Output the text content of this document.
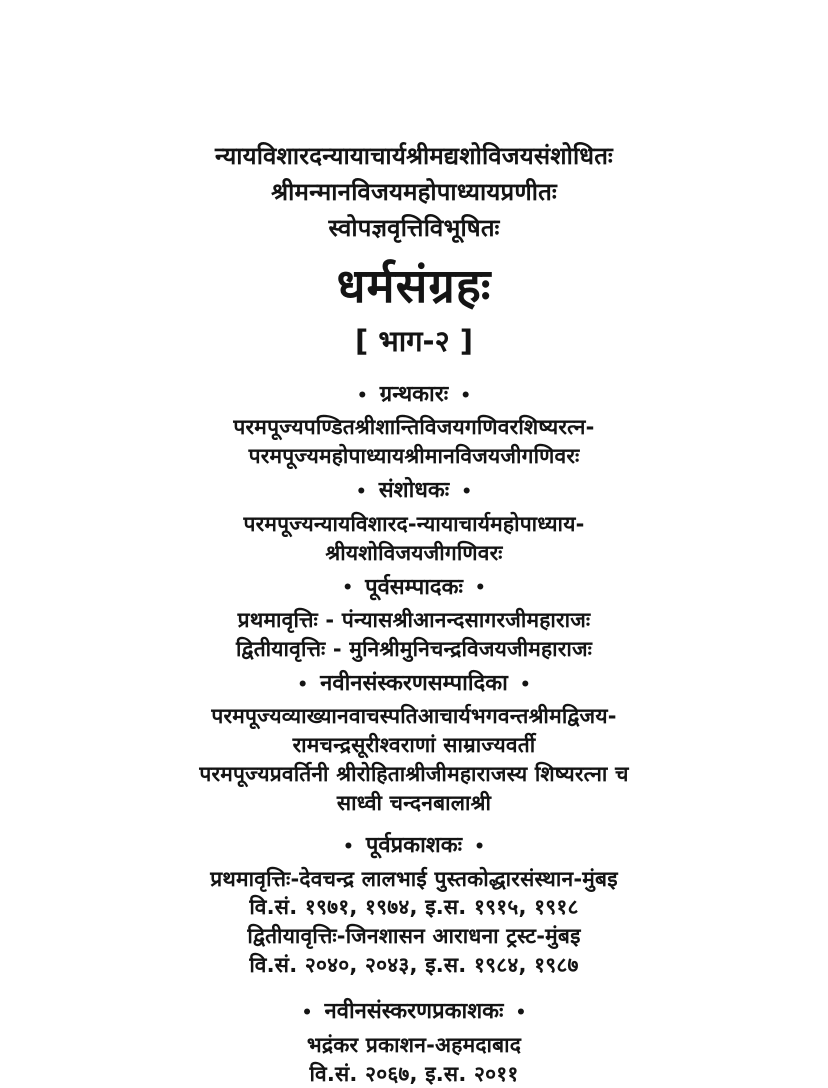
न्यायविशारदन्यायाचार्यश्रीमद्यशोविजयसंशोधितः
श्रीमन्मानविजयमहोपाध्यायप्रणीतः
स्वोपज्ञवृत्तिविभूषितः
धर्मसंग्रहः
[ भाग-२ ]
• ग्रन्थकारः •
परमपूज्यपण्डितश्रीशान्तिविजयगणिवरशिष्यरत्न-
परमपूज्यमहोपाध्यायश्रीमानविजयजीगणिवरः
• संशोधकः •
परमपूज्यन्यायविशारद-न्यायाचार्यमहोपाध्याय-
श्रीयशोविजयजीगणिवरः
• पूर्वसम्पादकः •
प्रथमावृत्तिः - पंन्यासश्रीआनन्दसागरजीमहाराजः
द्वितीयावृत्तिः - मुनिश्रीमुनिचन्द्रविजयजीमहाराजः
• नवीनसंस्करणसम्पादिका •
परमपूज्यव्याख्यानवाचस्पतिआचार्यभगवन्तश्रीमद्विजय-
रामचन्द्रसूरीश्वराणां साम्राज्यवर्ती
परमपूज्यप्रवर्तिनी श्रीरोहिताश्रीजीमहाराजस्य शिष्यरत्ना च
साध्वी चन्दनबालाश्री
• पूर्वप्रकाशकः •
प्रथमावृत्तिः-देवचन्द्र लालभाई पुस्तकोद्धारसंस्थान-मुंबइ
वि.सं. १९७१, १९७४, इ.स. १९१५, १९१८
द्वितीयावृत्तिः-जिनशासन आराधना ट्रस्ट-मुंबइ
वि.सं. २०४०, २०४३, इ.स. १९८४, १९८७
• नवीनसंस्करणप्रकाशकः •
भद्रंकर प्रकाशन-अहमदाबाद
वि.सं. २०६७, इ.स. २०११
